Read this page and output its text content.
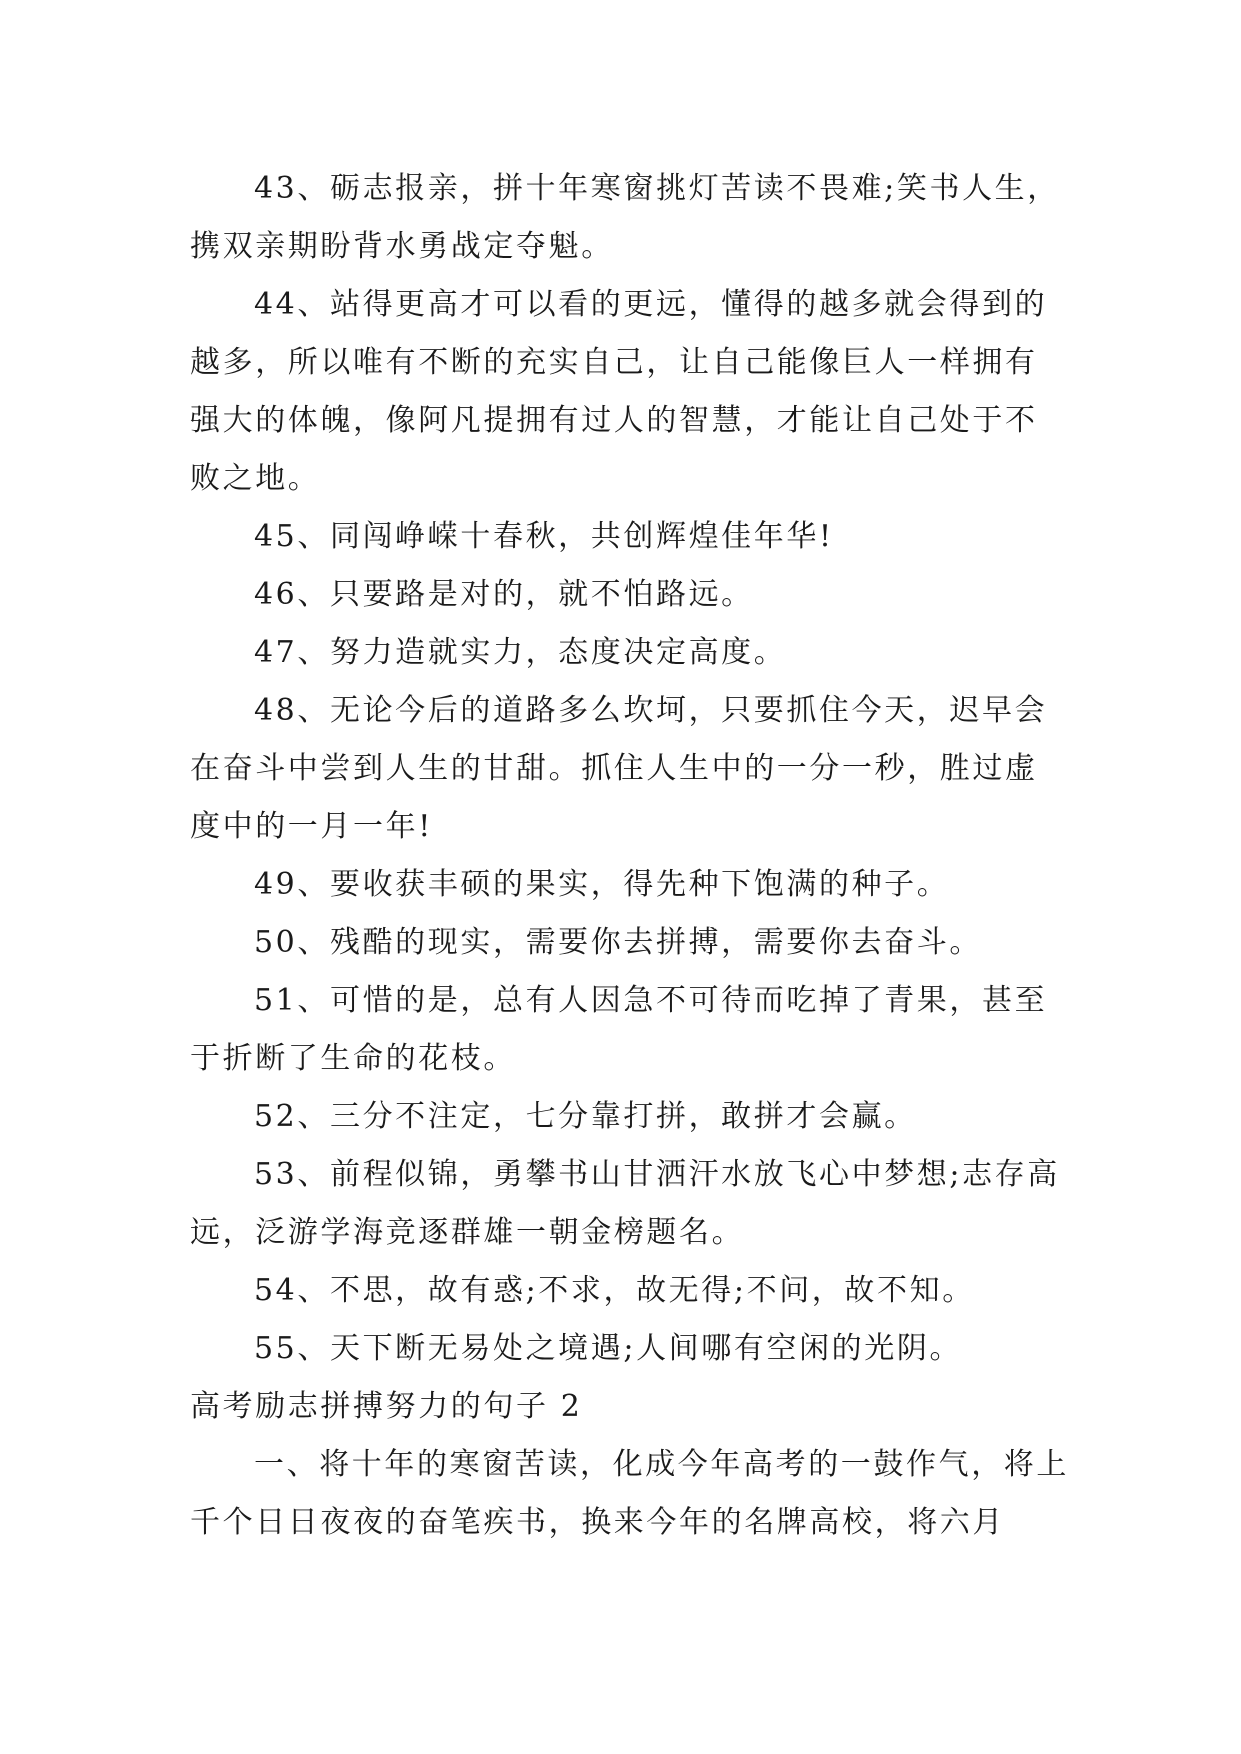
43、砺志报亲，拼十年寒窗挑灯苦读不畏难;笑书人生，携双亲期盼背水勇战定夺魁。

44、站得更高才可以看的更远，懂得的越多就会得到的越多，所以唯有不断的充实自己，让自己能像巨人一样拥有强大的体魄，像阿凡提拥有过人的智慧，才能让自己处于不败之地。

45、同闯峥嵘十春秋，共创辉煌佳年华!

46、只要路是对的，就不怕路远。

47、努力造就实力，态度决定高度。

48、无论今后的道路多么坎坷，只要抓住今天，迟早会在奋斗中尝到人生的甘甜。抓住人生中的一分一秒，胜过虚度中的一月一年!

49、要收获丰硕的果实，得先种下饱满的种子。

50、残酷的现实，需要你去拼搏，需要你去奋斗。

51、可惜的是，总有人因急不可待而吃掉了青果，甚至于折断了生命的花枝。

52、三分不注定，七分靠打拼，敢拼才会赢。

53、前程似锦，勇攀书山甘洒汗水放飞心中梦想;志存高远，泛游学海竞逐群雄一朝金榜题名。

54、不思，故有惑;不求，故无得;不问，故不知。

55、天下断无易处之境遇;人间哪有空闲的光阴。

高考励志拼搏努力的句子 2

一、将十年的寒窗苦读，化成今年高考的一鼓作气，将上千个日日夜夜的奋笔疾书，换来今年的名牌高校，将六月
